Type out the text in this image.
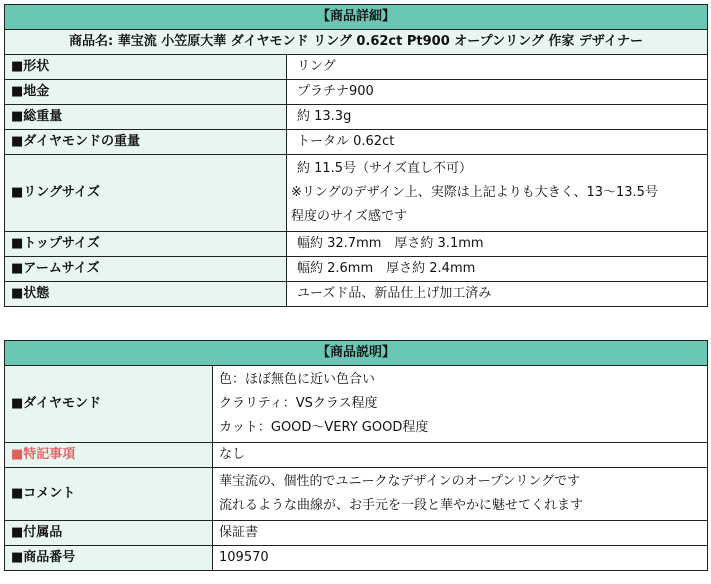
【商品詳細】	
商品名: 華宝流 小笠原大華 ダイヤモンド リング 0.62ct Pt900 オープンリング 作家 デザイナー	
■形状	リング
■地金	プラチナ900
■総重量	約 13.3g
■ダイヤモンドの重量	トータル 0.62ct
■リングサイズ	約 11.5号（サイズ直し不可）
※リングのデザイン上、実際は上記よりも大きく、13〜13.5号
程度のサイズ感です

■トップサイズ	幅約 32.7mm　厚さ約 3.1mm
■アームサイズ	幅約 2.6mm　厚さ約 2.4mm
■状態	ユーズド品、新品仕上げ加工済み
【商品説明】	
■ダイヤモンド	色：ほぼ無色に近い色合い
クラリティ：VSクラス程度
カット：GOOD〜VERY GOOD程度

■特記事項	なし
■コメント	華宝流の、個性的でユニークなデザインのオープンリングです
流れるような曲線が、お手元を一段と華やかに魅せてくれます

■付属品	保証書
■商品番号	109570
